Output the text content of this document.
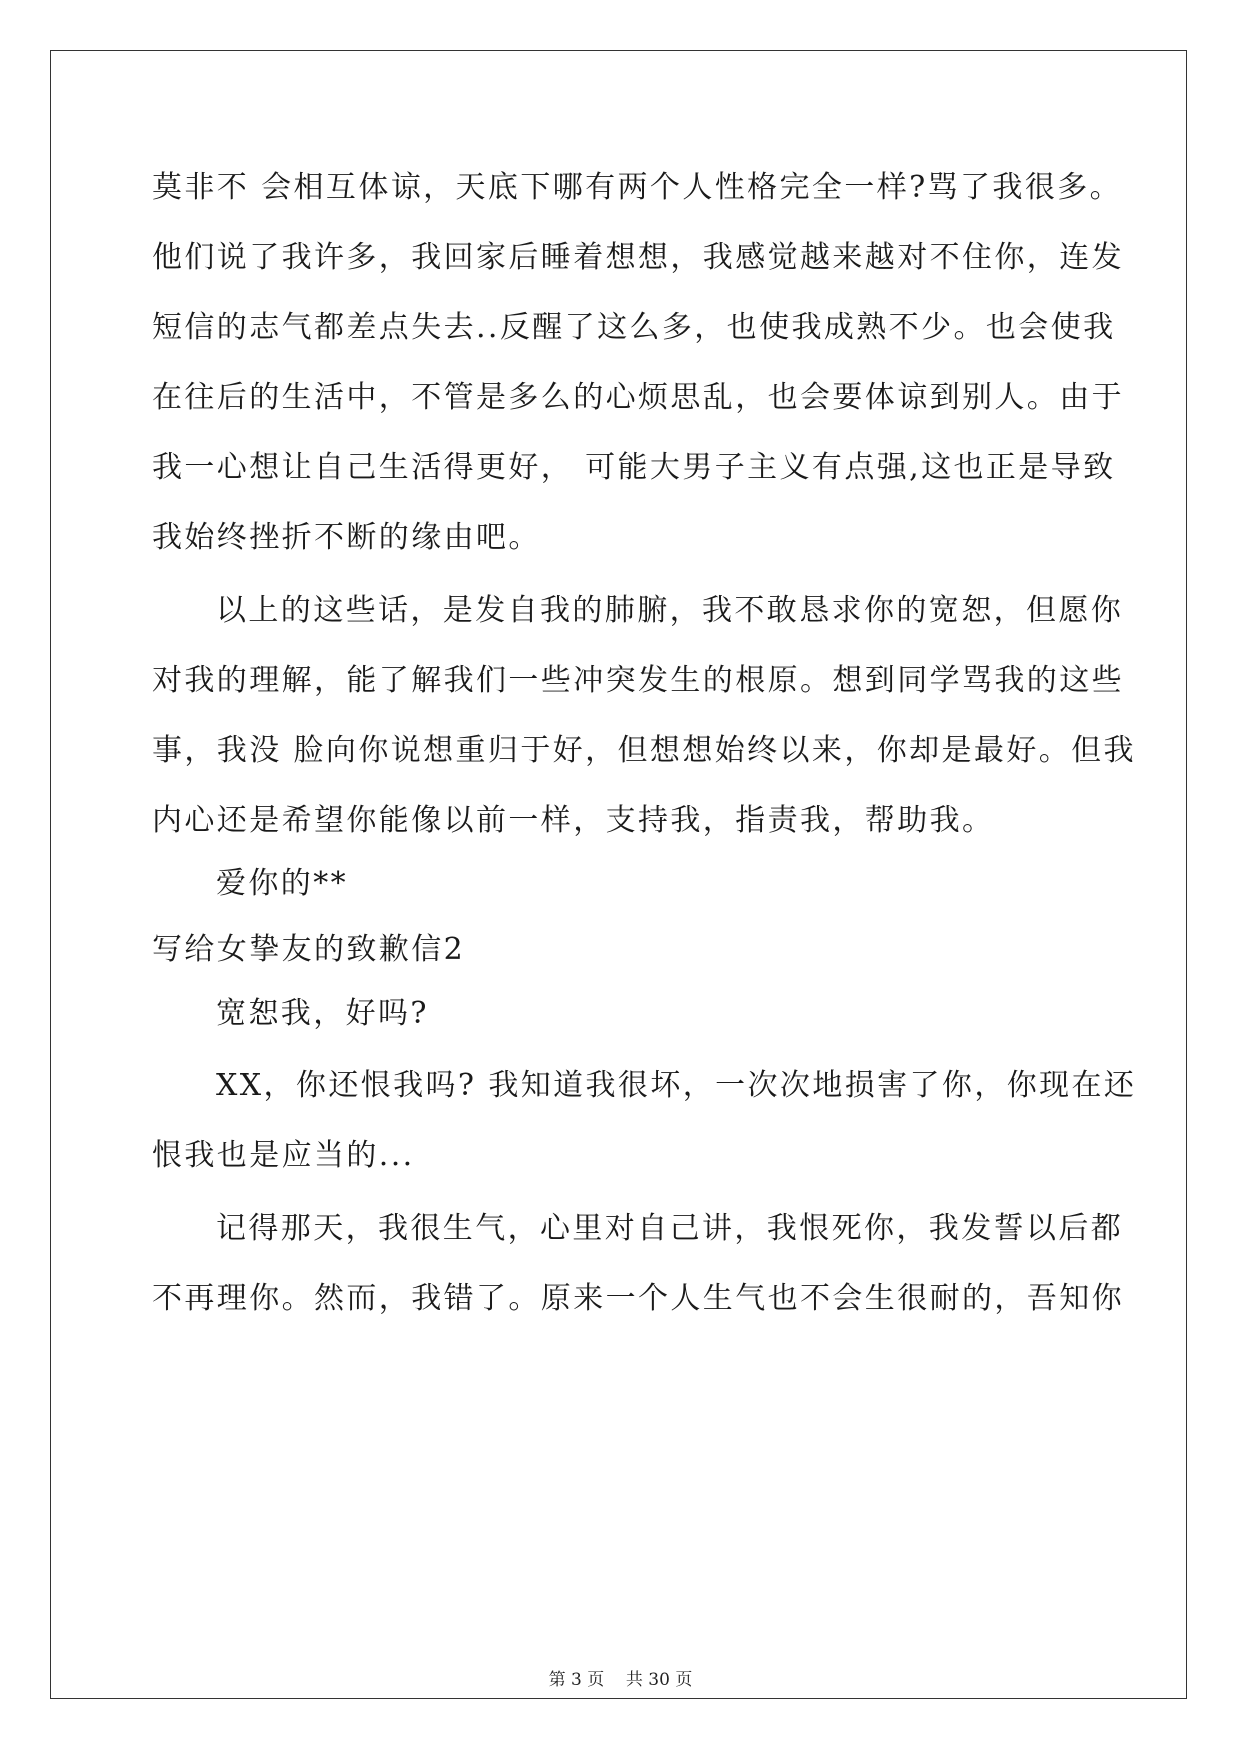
莫非不 会相互体谅，天底下哪有两个人性格完全一样?骂了我很多。
他们说了我许多，我回家后睡着想想，我感觉越来越对不住你，连发
短信的志气都差点失去..反醒了这么多，也使我成熟不少。也会使我
在往后的生活中，不管是多么的心烦思乱，也会要体谅到别人。由于
我一心想让自己生活得更好， 可能大男子主义有点强,这也正是导致
我始终挫折不断的缘由吧。
以上的这些话，是发自我的肺腑，我不敢恳求你的宽恕，但愿你
对我的理解，能了解我们一些冲突发生的根原。想到同学骂我的这些
事，我没 脸向你说想重归于好，但想想始终以来，你却是最好。但我
内心还是希望你能像以前一样，支持我，指责我，帮助我。
爱你的**
写给女挚友的致歉信2
宽恕我，好吗?
XX，你还恨我吗? 我知道我很坏，一次次地损害了你，你现在还
恨我也是应当的...
记得那天，我很生气，心里对自己讲，我恨死你，我发誓以后都
不再理你。然而，我错了。原来一个人生气也不会生很耐的，吾知你
第 3 页    共 30 页
